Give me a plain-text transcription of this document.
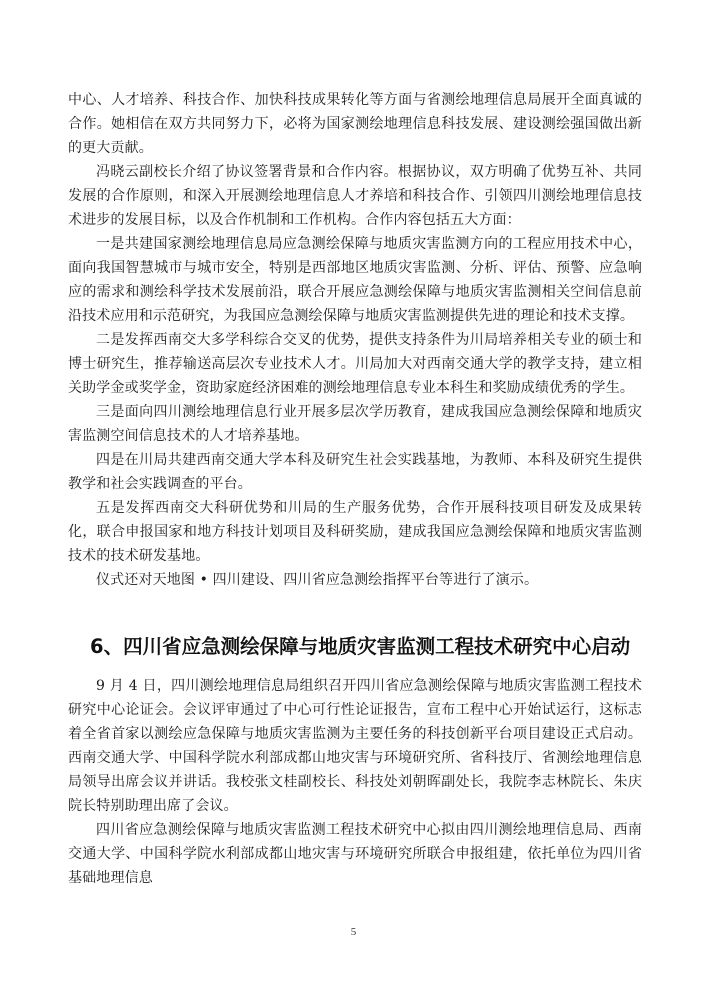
中心、人才培养、科技合作、加快科技成果转化等方面与省测绘地理信息局展开全面真诚的合作。她相信在双方共同努力下，必将为国家测绘地理信息科技发展、建设测绘强国做出新的更大贡献。

冯晓云副校长介绍了协议签署背景和合作内容。根据协议，双方明确了优势互补、共同发展的合作原则，和深入开展测绘地理信息人才养培和科技合作、引领四川测绘地理信息技术进步的发展目标，以及合作机制和工作机构。合作内容包括五大方面：

一是共建国家测绘地理信息局应急测绘保障与地质灾害监测方向的工程应用技术中心，面向我国智慧城市与城市安全，特别是西部地区地质灾害监测、分析、评估、预警、应急响应的需求和测绘科学技术发展前沿，联合开展应急测绘保障与地质灾害监测相关空间信息前沿技术应用和示范研究，为我国应急测绘保障与地质灾害监测提供先进的理论和技术支撑。

二是发挥西南交大多学科综合交叉的优势，提供支持条件为川局培养相关专业的硕士和博士研究生，推荐输送高层次专业技术人才。川局加大对西南交通大学的教学支持，建立相关助学金或奖学金，资助家庭经济困难的测绘地理信息专业本科生和奖励成绩优秀的学生。

三是面向四川测绘地理信息行业开展多层次学历教育，建成我国应急测绘保障和地质灾害监测空间信息技术的人才培养基地。

四是在川局共建西南交通大学本科及研究生社会实践基地，为教师、本科及研究生提供教学和社会实践调查的平台。

五是发挥西南交大科研优势和川局的生产服务优势，合作开展科技项目研发及成果转化，联合申报国家和地方科技计划项目及科研奖励，建成我国应急测绘保障和地质灾害监测技术的技术研发基地。

仪式还对天地图 • 四川建设、四川省应急测绘指挥平台等进行了演示。

6、四川省应急测绘保障与地质灾害监测工程技术研究中心启动

9 月 4 日，四川测绘地理信息局组织召开四川省应急测绘保障与地质灾害监测工程技术研究中心论证会。会议评审通过了中心可行性论证报告，宣布工程中心开始试运行，这标志着全省首家以测绘应急保障与地质灾害监测为主要任务的科技创新平台项目建设正式启动。西南交通大学、中国科学院水利部成都山地灾害与环境研究所、省科技厅、省测绘地理信息局领导出席会议并讲话。我校张文桂副校长、科技处刘朝晖副处长，我院李志林院长、朱庆院长特别助理出席了会议。

四川省应急测绘保障与地质灾害监测工程技术研究中心拟由四川测绘地理信息局、西南交通大学、中国科学院水利部成都山地灾害与环境研究所联合申报组建，依托单位为四川省基础地理信息

5
